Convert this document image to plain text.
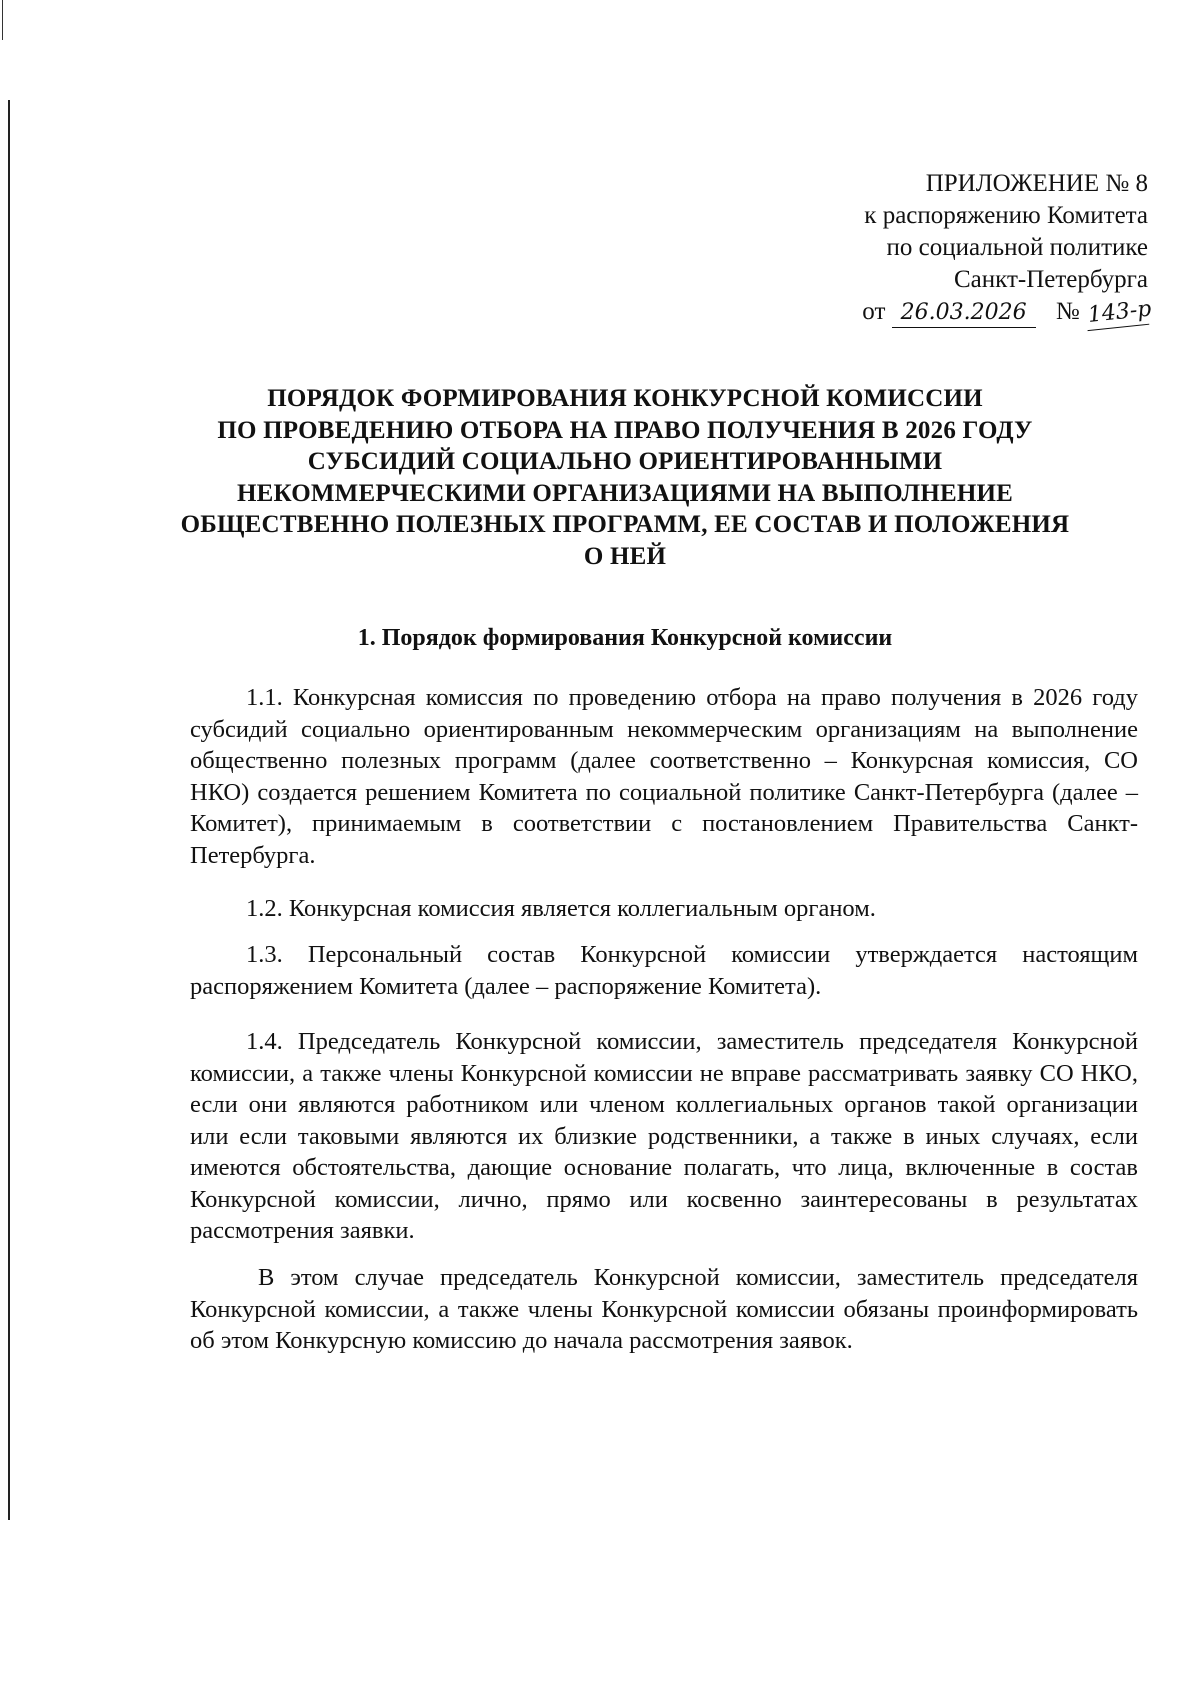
ПРИЛОЖЕНИЕ № 8
к распоряжению Комитета
по социальной политике
Санкт-Петербурга
от 26.03.2026 № 143-р
ПОРЯДОК ФОРМИРОВАНИЯ КОНКУРСНОЙ КОМИССИИ
ПО ПРОВЕДЕНИЮ ОТБОРА НА ПРАВО ПОЛУЧЕНИЯ В 2026 ГОДУ
СУБСИДИЙ СОЦИАЛЬНО ОРИЕНТИРОВАННЫМИ
НЕКОММЕРЧЕСКИМИ ОРГАНИЗАЦИЯМИ НА ВЫПОЛНЕНИЕ
ОБЩЕСТВЕННО ПОЛЕЗНЫХ ПРОГРАММ, ЕЕ СОСТАВ И ПОЛОЖЕНИЯ
О НЕЙ
1. Порядок формирования Конкурсной комиссии

1.1. Конкурсная комиссия по проведению отбора на право получения в 2026 году субсидий социально ориентированным некоммерческим организациям на выполнение общественно полезных программ (далее соответственно – Конкурсная комиссия, СО НКО) создается решением Комитета по социальной политике Санкт-Петербурга (далее – Комитет), принимаемым в соответствии с постановлением Правительства Санкт-Петербурга.

1.2. Конкурсная комиссия является коллегиальным органом.

1.3. Персональный состав Конкурсной комиссии утверждается настоящим распоряжением Комитета (далее – распоряжение Комитета).

1.4. Председатель Конкурсной комиссии, заместитель председателя Конкурсной комиссии, а также члены Конкурсной комиссии не вправе рассматривать заявку СО НКО, если они являются работником или членом коллегиальных органов такой организации или если таковыми являются их близкие родственники, а также в иных случаях, если имеются обстоятельства, дающие основание полагать, что лица, включенные в состав Конкурсной комиссии, лично, прямо или косвенно заинтересованы в результатах рассмотрения заявки.

В этом случае председатель Конкурсной комиссии, заместитель председателя Конкурсной комиссии, а также члены Конкурсной комиссии обязаны проинформировать об этом Конкурсную комиссию до начала рассмотрения заявок.
